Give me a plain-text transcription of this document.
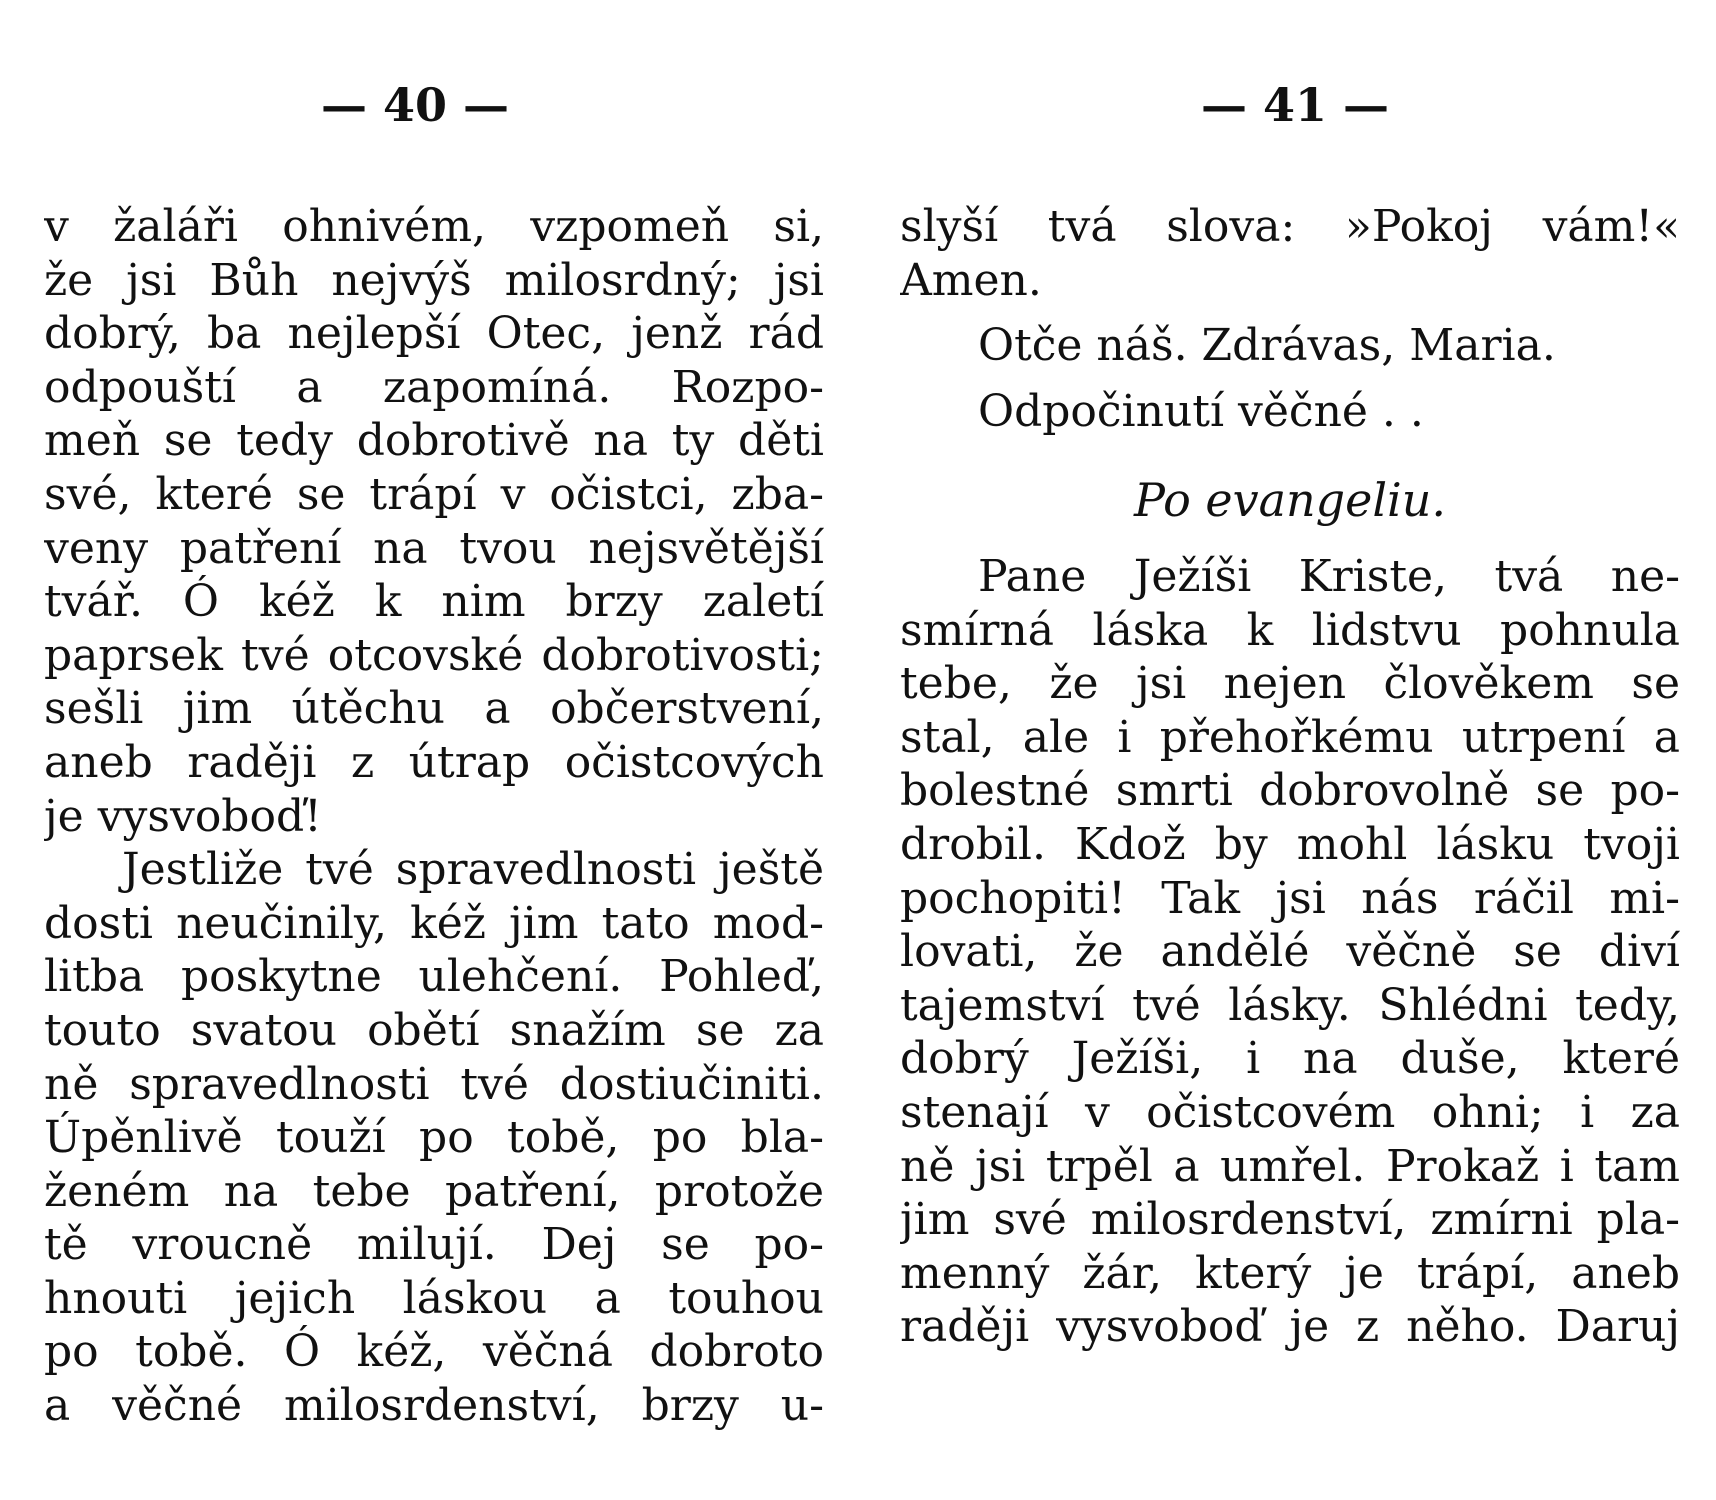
— 40 —	— 41 —
v žaláři ohnivém, vzpomeň si,
že jsi Bůh nejvýš milosrdný; jsi
dobrý, ba nejlepší Otec, jenž rád
odpouští a zapomíná. Rozpo-
meň se tedy dobrotivě na ty děti
své, které se trápí v očistci, zba-
veny patření na tvou nejsvětější
tvář. Ó kéž k nim brzy zaletí
paprsek tvé otcovské dobrotivosti;
sešli jim útěchu a občerstvení,
aneb raději z útrap očistcových
je vysvoboď!
Jestliže tvé spravedlnosti ještě
dosti neučinily, kéž jim tato mod-
litba poskytne ulehčení. Pohleď,
touto svatou obětí snažím se za
ně spravedlnosti tvé dostiučiniti.
Úpěnlivě touží po tobě, po bla-
ženém na tebe patření, protože
tě vroucně milují. Dej se po-
hnouti jejich láskou a touhou
po tobě. Ó kéž, věčná dobroto
a věčné milosrdenství, brzy u-
slyší tvá slova: »Pokoj vám!«
Amen.
Otče náš. Zdrávas, Maria.
Odpočinutí věčné . .
Po evangeliu.
Pane Ježíši Kriste, tvá ne-
smírná láska k lidstvu pohnula
tebe, že jsi nejen člověkem se
stal, ale i přehořkému utrpení a
bolestné smrti dobrovolně se po-
drobil. Kdož by mohl lásku tvoji
pochopiti! Tak jsi nás ráčil mi-
lovati, že andělé věčně se diví
tajemství tvé lásky. Shlédni tedy,
dobrý Ježíši, i na duše, které
stenají v očistcovém ohni; i za
ně jsi trpěl a umřel. Prokaž i tam
jim své milosrdenství, zmírni pla-
menný žár, který je trápí, aneb
raději vysvoboď je z něho. Daruj
